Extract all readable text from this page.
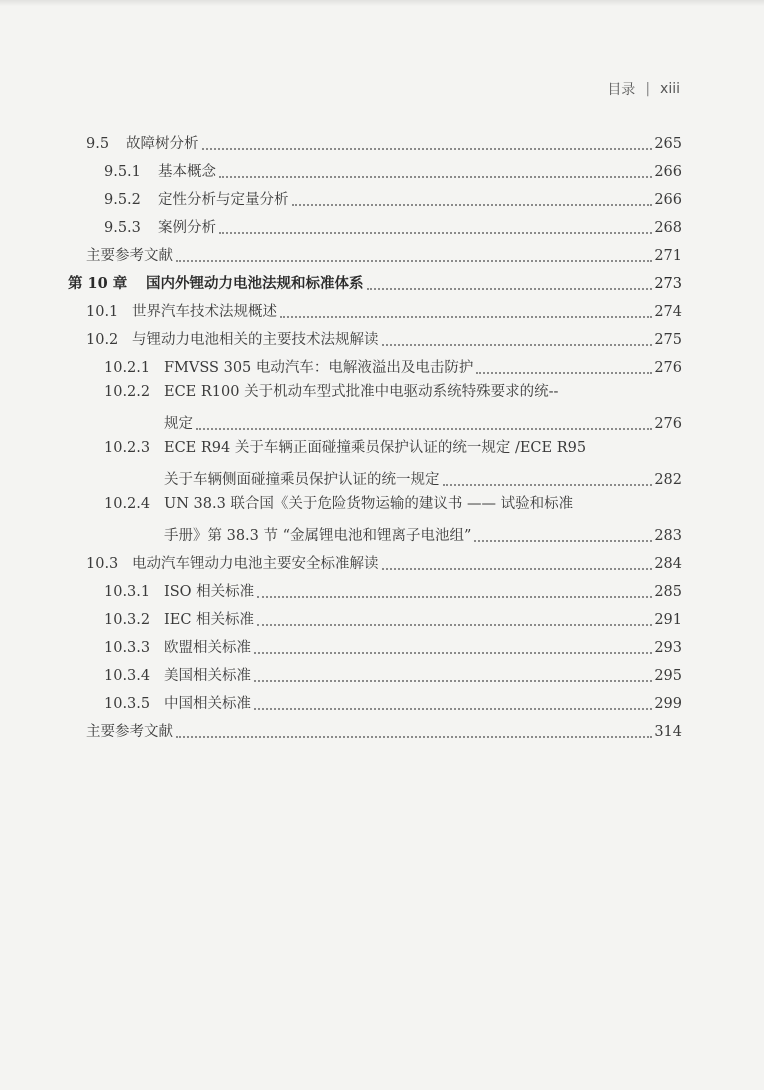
目录 | xiii
9.5	故障树分析	265
9.5.1	基本概念	266
9.5.2	定性分析与定量分析	266
9.5.3	案例分析	268
主要参考文献	271
第 10 章	国内外锂动力电池法规和标准体系	273
10.1 世界汽车技术法规概述	274
10.2 与锂动力电池相关的主要技术法规解读	275
10.2.1 FMVSS 305 电动汽车：电解液溢出及电击防护	276
10.2.2 ECE R100 关于机动车型式批准中电驱动系统特殊要求的统--
规定	276
10.2.3 ECE R94 关于车辆正面碰撞乘员保护认证的统一规定 /ECE R95
关于车辆侧面碰撞乘员保护认证的统一规定	282
10.2.4 UN 38.3 联合国《关于危险货物运输的建议书 —— 试验和标准
手册》第 38.3 节 “金属锂电池和锂离子电池组”	283
10.3 电动汽车锂动力电池主要安全标准解读	284
10.3.1 ISO 相关标准	285
10.3.2 IEC 相关标准	291
10.3.3 欧盟相关标准	293
10.3.4 美国相关标准	295
10.3.5 中国相关标准	299
主要参考文献	314
